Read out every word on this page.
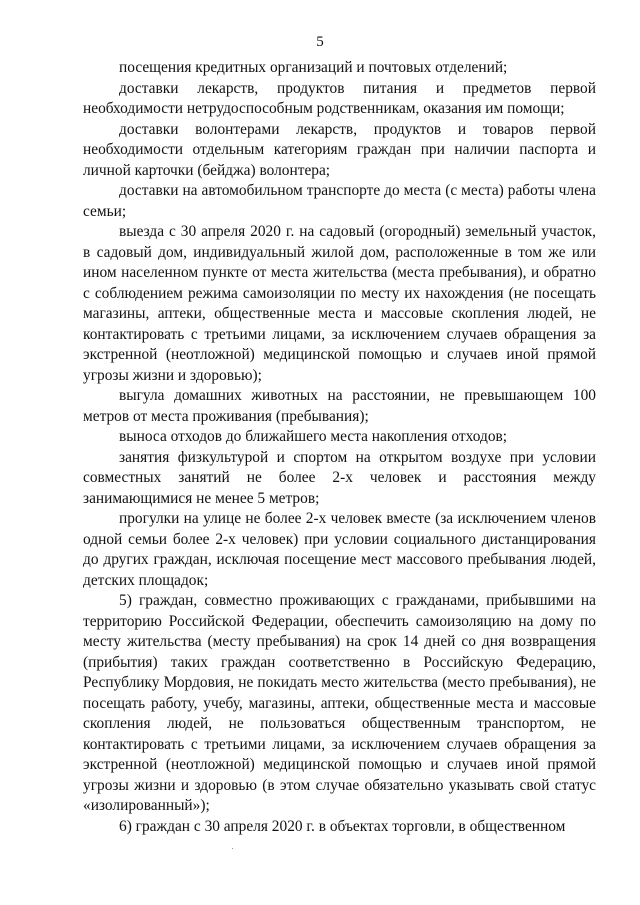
5

посещения кредитных организаций и почтовых отделений;

доставки лекарств, продуктов питания и предметов первой необходимости нетрудоспособным родственникам, оказания им помощи;

доставки волонтерами лекарств, продуктов и товаров первой необходимости отдельным категориям граждан при наличии паспорта и личной карточки (бейджа) волонтера;

доставки на автомобильном транспорте до места (с места) работы члена семьи;

выезда с 30 апреля 2020 г. на садовый (огородный) земельный участок, в садовый дом, индивидуальный жилой дом, расположенные в том же или ином населенном пункте от места жительства (места пребывания), и обратно с соблюдением режима самоизоляции по месту их нахождения (не посещать магазины, аптеки, общественные места и массовые скопления людей, не контактировать с третьими лицами, за исключением случаев обращения за экстренной (неотложной) медицинской помощью и случаев иной прямой угрозы жизни и здоровью);

выгула домашних животных на расстоянии, не превышающем 100 метров от места проживания (пребывания);

выноса отходов до ближайшего места накопления отходов;

занятия физкультурой и спортом на открытом воздухе при условии совместных занятий не более 2-х человек и расстояния между занимающимися не менее 5 метров;

прогулки на улице не более 2-х человек вместе (за исключением членов одной семьи более 2-х человек) при условии социального дистанцирования до других граждан, исключая посещение мест массового пребывания людей, детских площадок;

5) граждан, совместно проживающих с гражданами, прибывшими на территорию Российской Федерации, обеспечить самоизоляцию на дому по месту жительства (месту пребывания) на срок 14 дней со дня возвращения (прибытия) таких граждан соответственно в Российскую Федерацию, Республику Мордовия, не покидать место жительства (место пребывания), не посещать работу, учебу, магазины, аптеки, общественные места и массовые скопления людей, не пользоваться общественным транспортом, не контактировать с третьими лицами, за исключением случаев обращения за экстренной (неотложной) медицинской помощью и случаев иной прямой угрозы жизни и здоровью (в этом случае обязательно указывать свой статус «изолированный»);

6) граждан с 30 апреля 2020 г. в объектах торговли, в общественном
